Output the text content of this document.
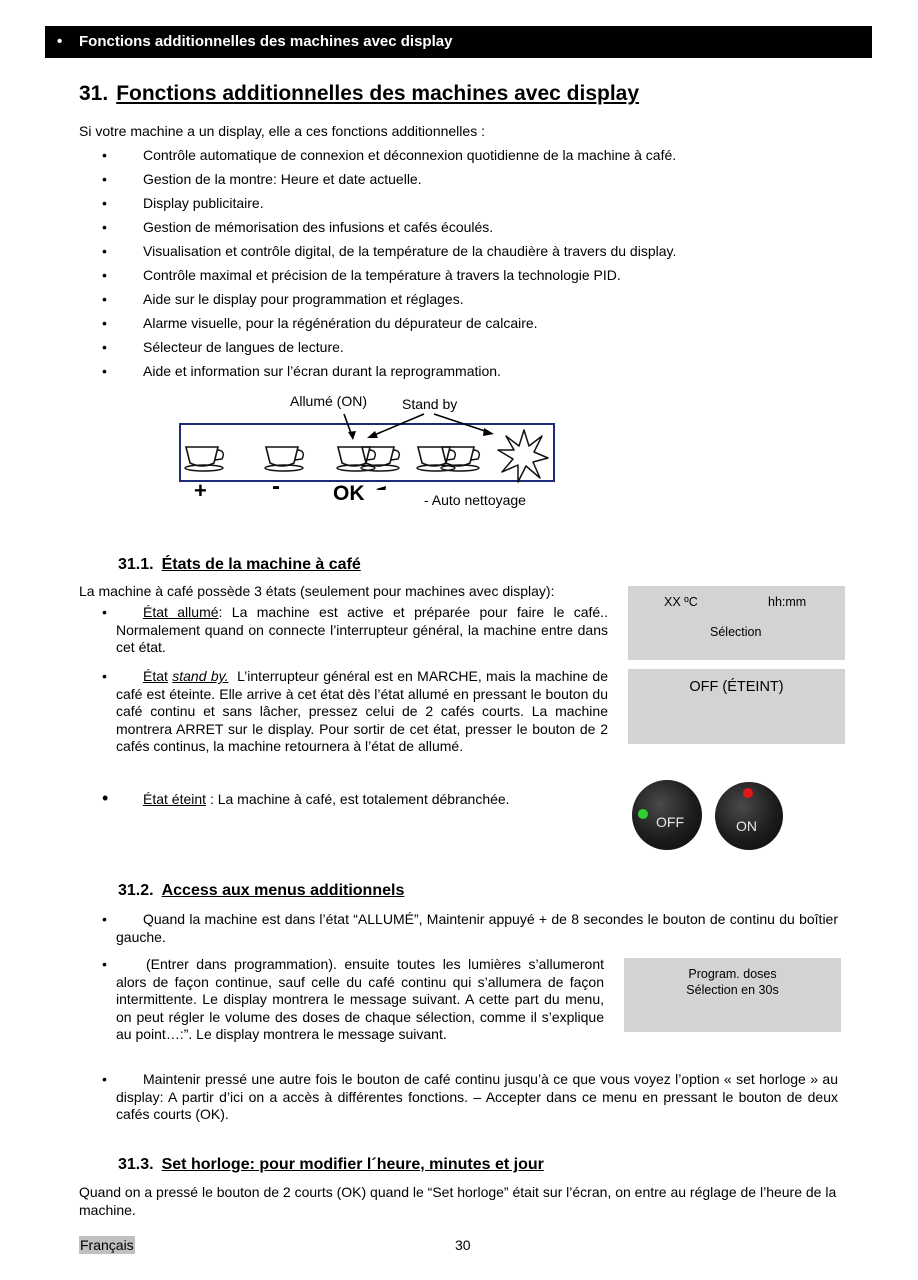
• Fonctions additionnelles des machines avec display
31. Fonctions additionnelles des machines avec display
Si votre machine a un display, elle a ces fonctions additionnelles :
•	Contrôle automatique de connexion et déconnexion quotidienne de la machine à café.
•	Gestion de la montre: Heure et date actuelle.
•	Display publicitaire.
•	Gestion de mémorisation des infusions et cafés écoulés.
•	Visualisation et contrôle digital, de la température de la chaudière à travers du display.
•	Contrôle maximal et précision de la température à travers la technologie PID.
•	Aide sur le display pour programmation et réglages.
•	Alarme visuelle, pour la régénération du dépurateur de calcaire.
•	Sélecteur de langues de lecture.
•	Aide et information sur l’écran durant la reprogrammation.
Allumé (ON) Stand by
+	-	OK	- Auto nettoyage
31.1. États de la machine à café
La machine à café possède 3 états (seulement pour machines avec display):
•	État allumé: La machine est active et préparée pour faire le café.. Normalement quand on connecte l’interrupteur général, la machine entre dans cet état.
•	État stand by. L’interrupteur général est en MARCHE, mais la machine de café est éteinte. Elle arrive à cet état dès l’état allumé en pressant le bouton du café continu et sans lâcher, pressez celui de 2 cafés courts. La machine montrera ARRET sur le display. Pour sortir de cet état, presser le bouton de 2 cafés continus, la machine retournera à l’état de allumé.
• État éteint : La machine à café, est totalement débranchée.
XX ºC	hh:mm
Sélection
OFF (ÉTEINT)
OFF	ON
31.2. Access aux menus additionnels
•	Quand la machine est dans l’état “ALLUMÉ”, Maintenir appuyé + de 8 secondes le bouton de continu du boîtier gauche.
•	(Entrer dans programmation). ensuite toutes les lumières s’allumeront alors de façon continue, sauf celle du café continu qui s’allumera de façon intermittente. Le display montrera le message suivant. A cette part du menu, on peut régler le volume des doses de chaque sélection, comme il s’explique au point…:”. Le display montrera le message suivant.
Program. doses
Sélection en 30s
•	Maintenir pressé une autre fois le bouton de café continu jusqu’à ce que vous voyez l’option « set horloge » au display: A partir d’ici on a accès à différentes fonctions. – Accepter dans ce menu en pressant le bouton de deux cafés courts (OK).
31.3. Set horloge: pour modifier l´heure, minutes et jour
Quand on a pressé le bouton de 2 courts (OK) quand le “Set horloge” était sur l’écran, on entre au réglage de l’heure de la machine.
Français	30
